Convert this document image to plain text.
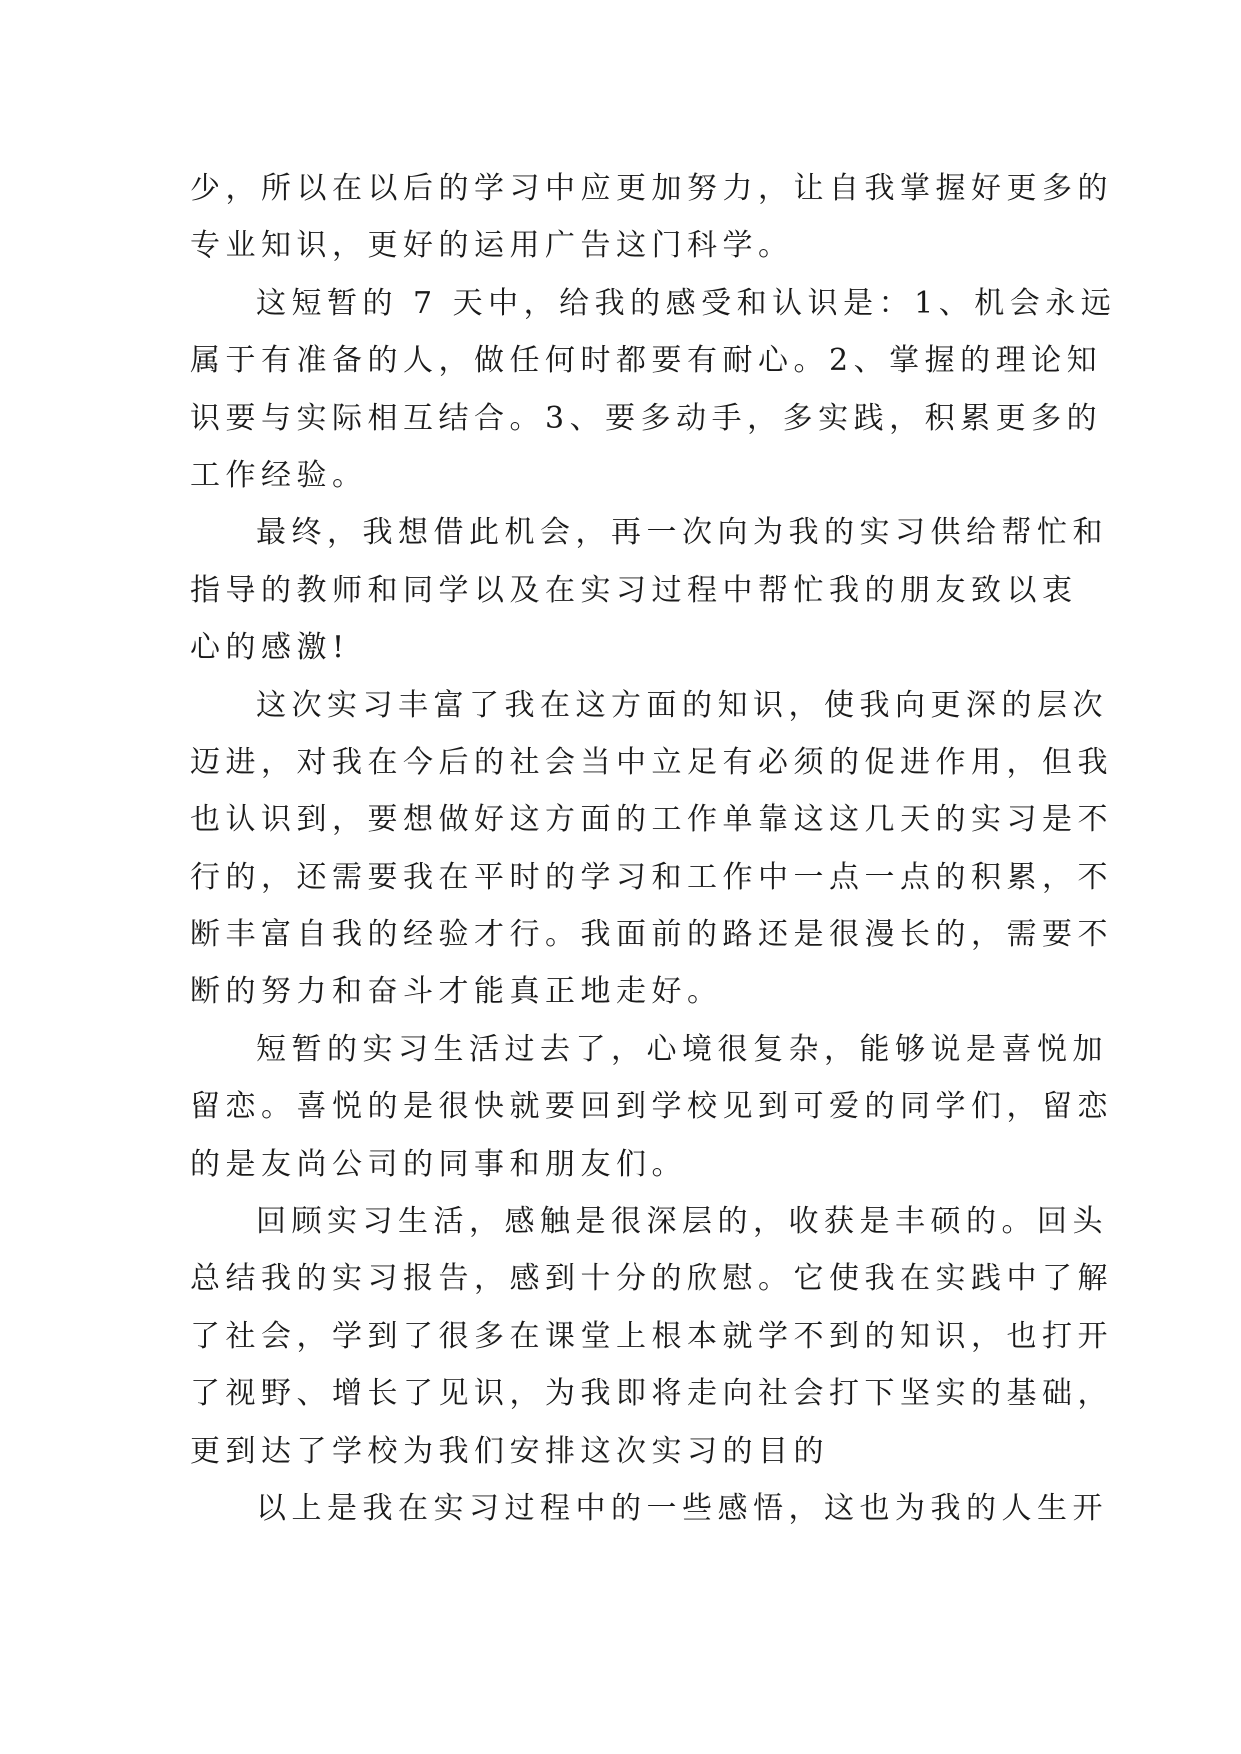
少，所以在以后的学习中应更加努力，让自我掌握好更多的
专业知识，更好的运用广告这门科学。

这短暂的 7 天中，给我的感受和认识是：1、机会永远
属于有准备的人，做任何时都要有耐心。2、掌握的理论知
识要与实际相互结合。3、要多动手，多实践，积累更多的
工作经验。

最终，我想借此机会，再一次向为我的实习供给帮忙和
指导的教师和同学以及在实习过程中帮忙我的朋友致以衷
心的感激!

这次实习丰富了我在这方面的知识，使我向更深的层次
迈进，对我在今后的社会当中立足有必须的促进作用，但我
也认识到，要想做好这方面的工作单靠这这几天的实习是不
行的，还需要我在平时的学习和工作中一点一点的积累，不
断丰富自我的经验才行。我面前的路还是很漫长的，需要不
断的努力和奋斗才能真正地走好。

短暂的实习生活过去了，心境很复杂，能够说是喜悦加
留恋。喜悦的是很快就要回到学校见到可爱的同学们，留恋
的是友尚公司的同事和朋友们。

回顾实习生活，感触是很深层的，收获是丰硕的。回头
总结我的实习报告，感到十分的欣慰。它使我在实践中了解
了社会，学到了很多在课堂上根本就学不到的知识，也打开
了视野、增长了见识，为我即将走向社会打下坚实的基础，
更到达了学校为我们安排这次实习的目的

以上是我在实习过程中的一些感悟，这也为我的人生开
